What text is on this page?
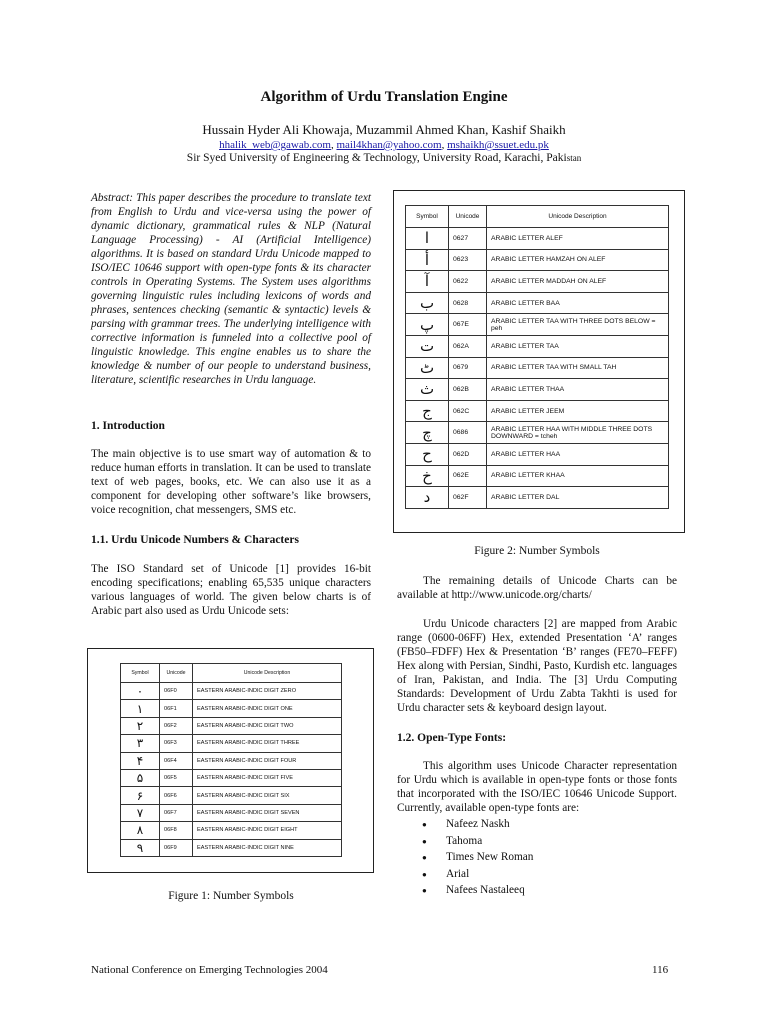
Algorithm of Urdu Translation Engine
Hussain Hyder Ali Khowaja, Muzammil Ahmed Khan, Kashif Shaikh
hhalik_web@gawab.com, mail4khan@yahoo.com, mshaikh@ssuet.edu.pk
Sir Syed University of Engineering & Technology, University Road, Karachi, Pakistan
Abstract: This paper describes the procedure to translate text from English to Urdu and vice-versa using the power of dynamic dictionary, grammatical rules & NLP (Natural Language Processing) - AI (Artificial Intelligence) algorithms. It is based on standard Urdu Unicode mapped to ISO/IEC 10646 support with open-type fonts & its character controls in Operating Systems. The System uses algorithms governing linguistic rules including lexicons of words and phrases, sentences checking (semantic & syntactic) levels & parsing with grammar trees. The underlying intelligence with corrective information is funneled into a collective pool of linguistic knowledge. This engine enables us to share the knowledge & number of our people to understand business, literature, scientific researches in Urdu language.
1. Introduction
The main objective is to use smart way of automation & to reduce human efforts in translation. It can be used to translate text of web pages, books, etc. We can also use it as a component for developing other software’s like browsers, voice recognition, chat messengers, SMS etc.
1.1. Urdu Unicode Numbers & Characters
The ISO Standard set of Unicode [1] provides 16-bit encoding specifications; enabling 65,535 unique characters various languages of world. The given below charts is of Arabic part also used as Urdu Unicode sets:
Symbol	Unicode	Unicode Description
٠	06F0	EASTERN ARABIC-INDIC DIGIT ZERO
١	06F1	EASTERN ARABIC-INDIC DIGIT ONE
٢	06F2	EASTERN ARABIC-INDIC DIGIT TWO
٣	06F3	EASTERN ARABIC-INDIC DIGIT THREE
۴	06F4	EASTERN ARABIC-INDIC DIGIT FOUR
۵	06F5	EASTERN ARABIC-INDIC DIGIT FIVE
۶	06F6	EASTERN ARABIC-INDIC DIGIT SIX
۷	06F7	EASTERN ARABIC-INDIC DIGIT SEVEN
٨	06F8	EASTERN ARABIC-INDIC DIGIT EIGHT
٩	06F9	EASTERN ARABIC-INDIC DIGIT NINE
Figure 1: Number Symbols
Symbol	Unicode	Unicode Description
ا	0627	ARABIC LETTER ALEF
أ	0623	ARABIC LETTER HAMZAH ON ALEF
آ	0622	ARABIC LETTER MADDAH ON ALEF
ب	0628	ARABIC LETTER BAA
پ	067E	ARABIC LETTER TAA WITH THREE DOTS BELOW = peh
ت	062A	ARABIC LETTER TAA
ٹ	0679	ARABIC LETTER TAA WITH SMALL TAH
ث	062B	ARABIC LETTER THAA
ج	062C	ARABIC LETTER JEEM
چ	0686	ARABIC LETTER HAA WITH MIDDLE THREE DOTS DOWNWARD = tcheh
ح	062D	ARABIC LETTER HAA
خ	062E	ARABIC LETTER KHAA
د	062F	ARABIC LETTER DAL
Figure 2: Number Symbols
The remaining details of Unicode Charts can be available at http://www.unicode.org/charts/
Urdu Unicode characters [2] are mapped from Arabic range (0600-06FF) Hex, extended Presentation ‘A’ ranges (FB50–FDFF) Hex & Presentation ‘B’ ranges (FE70–FEFF) Hex along with Persian, Sindhi, Pasto, Kurdish etc. languages of Iran, Pakistan, and India. The [3] Urdu Computing Standards: Development of Urdu Zabta Takhti is used for Urdu character sets & keyboard design layout.
1.2. Open-Type Fonts:
This algorithm uses Unicode Character representation for Urdu which is available in open-type fonts or those fonts that incorporated with the ISO/IEC 10646 Unicode Support. Currently, available open-type fonts are:
● Nafeez Naskh
● Tahoma
● Times New Roman
● Arial
● Nafees Nastaleeq
National Conference on Emerging Technologies 2004	116
